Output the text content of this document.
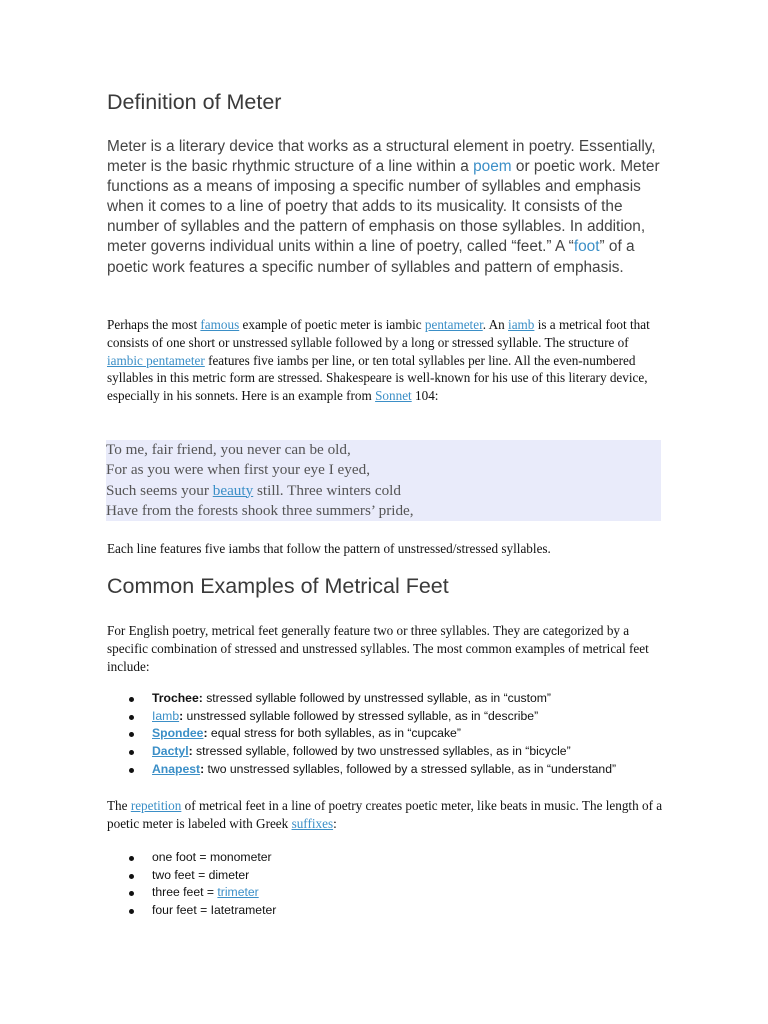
Definition of Meter

Meter is a literary device that works as a structural element in poetry. Essentially, meter is the basic rhythmic structure of a line within a poem or poetic work. Meter functions as a means of imposing a specific number of syllables and emphasis when it comes to a line of poetry that adds to its musicality. It consists of the number of syllables and the pattern of emphasis on those syllables. In addition, meter governs individual units within a line of poetry, called “feet.” A “foot” of a poetic work features a specific number of syllables and pattern of emphasis.

Perhaps the most famous example of poetic meter is iambic pentameter. An iamb is a metrical foot that consists of one short or unstressed syllable followed by a long or stressed syllable. The structure of iambic pentameter features five iambs per line, or ten total syllables per line. All the even-numbered syllables in this metric form are stressed. Shakespeare is well-known for his use of this literary device, especially in his sonnets. Here is an example from Sonnet 104:

To me, fair friend, you never can be old,
For as you were when first your eye I eyed,
Such seems your beauty still. Three winters cold
Have from the forests shook three summers’ pride,

Each line features five iambs that follow the pattern of unstressed/stressed syllables.

Common Examples of Metrical Feet

For English poetry, metrical feet generally feature two or three syllables. They are categorized by a specific combination of stressed and unstressed syllables. The most common examples of metrical feet include:

Trochee: stressed syllable followed by unstressed syllable, as in “custom”
Iamb: unstressed syllable followed by stressed syllable, as in “describe”
Spondee: equal stress for both syllables, as in “cupcake”
Dactyl: stressed syllable, followed by two unstressed syllables, as in “bicycle”
Anapest: two unstressed syllables, followed by a stressed syllable, as in “understand”

The repetition of metrical feet in a line of poetry creates poetic meter, like beats in music. The length of a poetic meter is labeled with Greek suffixes:

one foot = monometer
two feet = dimeter
three feet = trimeter
four feet = Iatetrameter
